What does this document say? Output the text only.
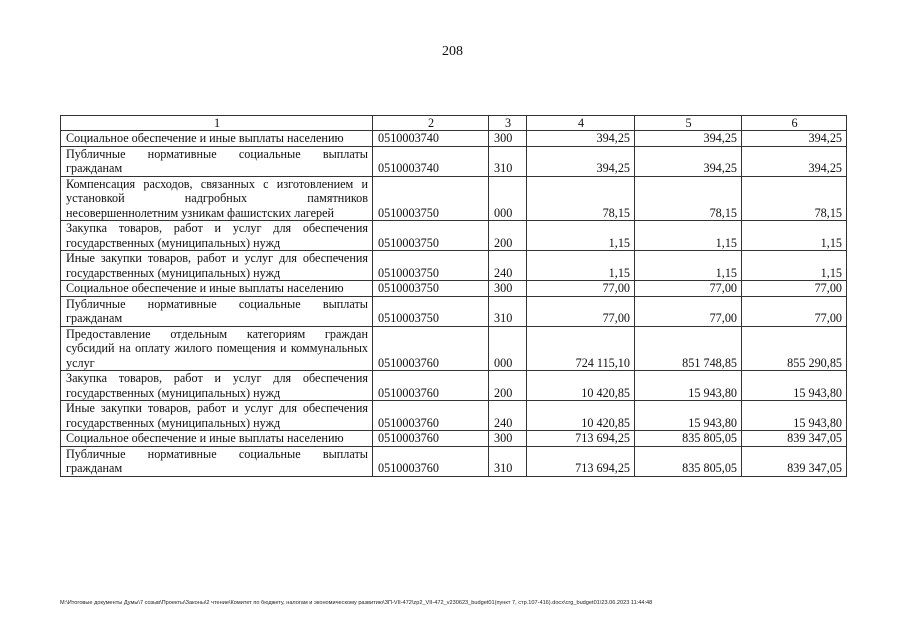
208
1	2	3	4	5	6
Социальное обеспечение и иные выплаты населению	0510003740	300	394,25	394,25	394,25
Публичные нормативные социальные выплаты гражданам	0510003740	310	394,25	394,25	394,25
Компенсация расходов, связанных с изготовлением и установкой надгробных памятников несовершеннолетним узникам фашистских лагерей	0510003750	000	78,15	78,15	78,15
Закупка товаров, работ и услуг для обеспечения государственных (муниципальных) нужд	0510003750	200	1,15	1,15	1,15
Иные закупки товаров, работ и услуг для обеспечения государственных (муниципальных) нужд	0510003750	240	1,15	1,15	1,15
Социальное обеспечение и иные выплаты населению	0510003750	300	77,00	77,00	77,00
Публичные нормативные социальные выплаты гражданам	0510003750	310	77,00	77,00	77,00
Предоставление отдельным категориям граждан субсидий на оплату жилого помещения и коммунальных услуг	0510003760	000	724 115,10	851 748,85	855 290,85
Закупка товаров, работ и услуг для обеспечения государственных (муниципальных) нужд	0510003760	200	10 420,85	15 943,80	15 943,80
Иные закупки товаров, работ и услуг для обеспечения государственных (муниципальных) нужд	0510003760	240	10 420,85	15 943,80	15 943,80
Социальное обеспечение и иные выплаты населению	0510003760	300	713 694,25	835 805,05	839 347,05
Публичные нормативные социальные выплаты гражданам	0510003760	310	713 694,25	835 805,05	839 347,05
M:\Итоговые документы Думы\7 созыв\Проекты\Законы\2 чтение\Комитет по бюджету, налогам и экономическому развитию\ЗП-VII-472\zp2_VII-472_v230623_budget01(пункт 7, стр.107-416).docx\crg_budget01\23.06.2023 11:44:48
